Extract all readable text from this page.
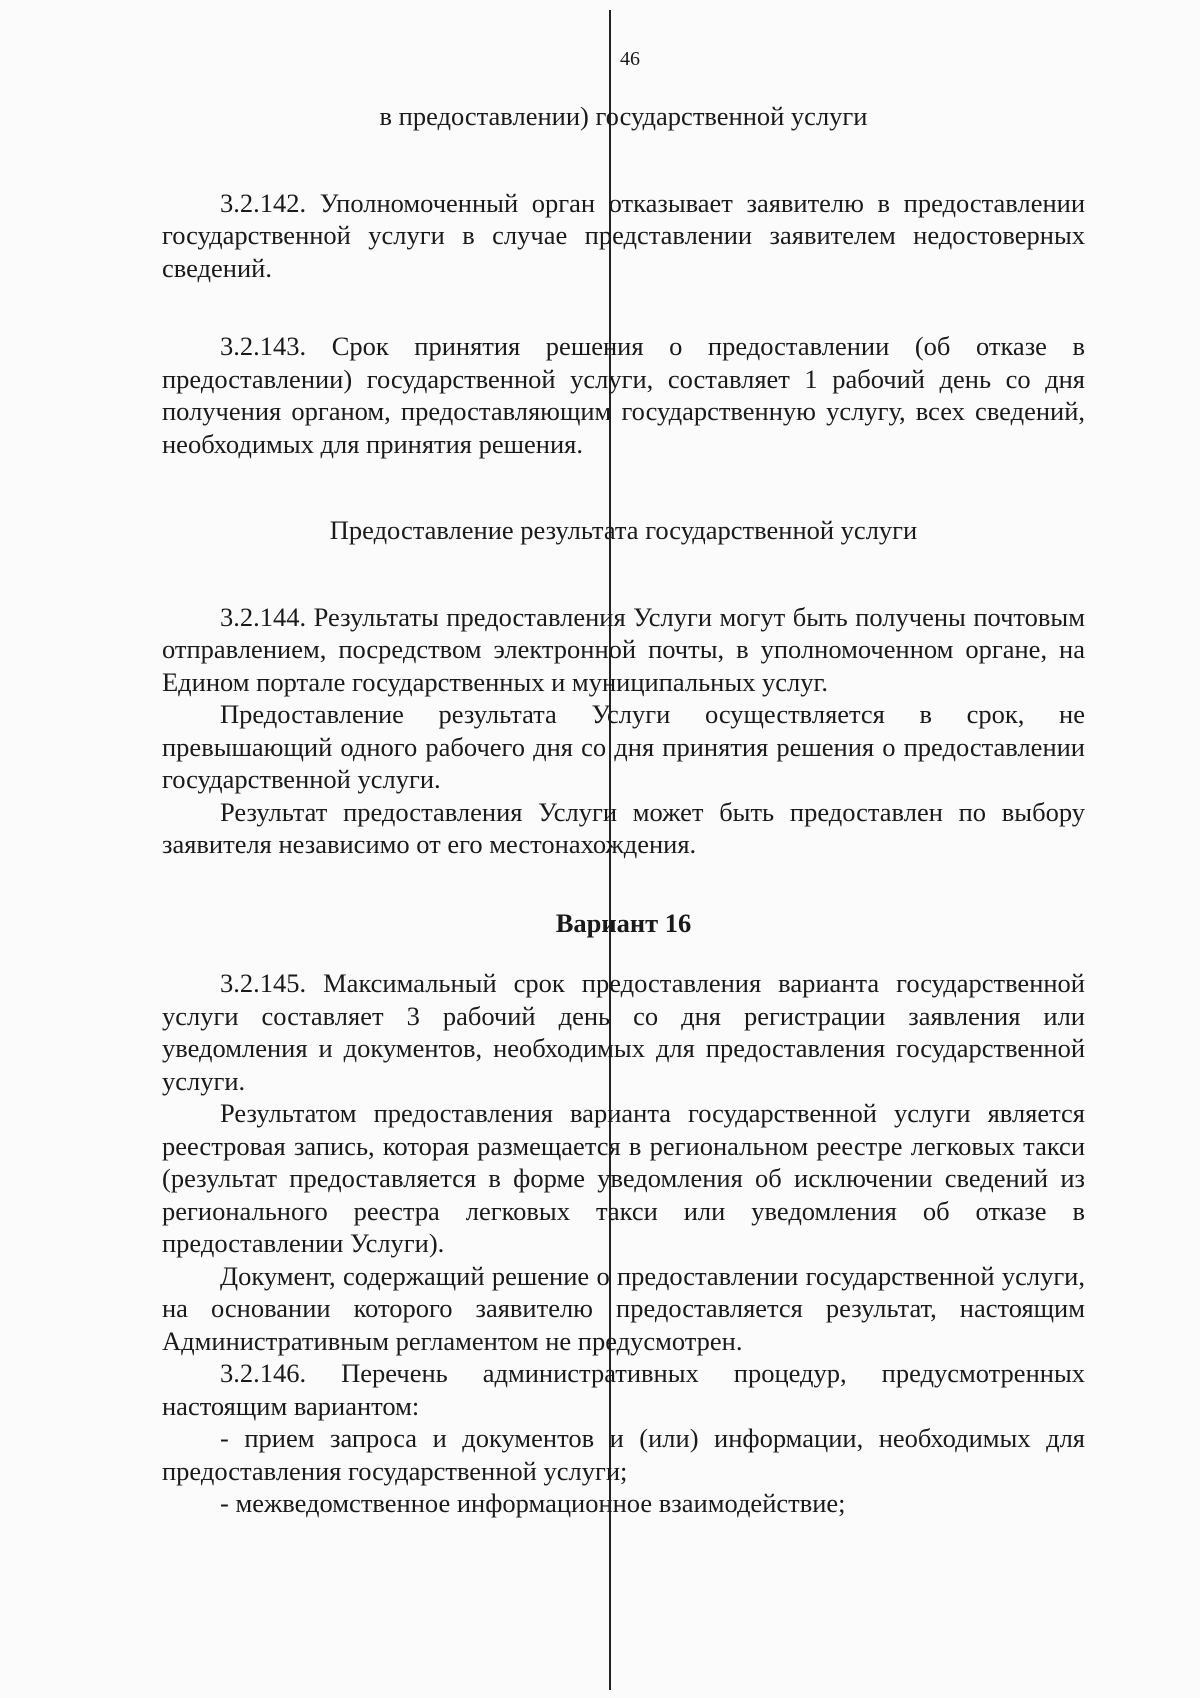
46

в предоставлении) государственной услуги

3.2.142. Уполномоченный орган отказывает заявителю в предоставлении государственной услуги в случае представлении заявителем недостоверных сведений.

3.2.143. Срок принятия решения о предоставлении (об отказе в предоставлении) государственной услуги, составляет 1 рабочий день со дня получения органом, предоставляющим государственную услугу, всех сведений, необходимых для принятия решения.

Предоставление результата государственной услуги

3.2.144. Результаты предоставления Услуги могут быть получены почтовым отправлением, посредством электронной почты, в уполномоченном органе, на Едином портале государственных и муниципальных услуг.

Предоставление результата Услуги осуществляется в срок, не превышающий одного рабочего дня со дня принятия решения о предоставлении государственной услуги.

Результат предоставления Услуги может быть предоставлен по выбору заявителя независимо от его местонахождения.

Вариант 16

3.2.145. Максимальный срок предоставления варианта государственной услуги составляет 3 рабочий день со дня регистрации заявления или уведомления и документов, необходимых для предоставления государственной услуги.

Результатом предоставления варианта государственной услуги является реестровая запись, которая размещается в региональном реестре легковых такси (результат предоставляется в форме уведомления об исключении сведений из регионального реестра легковых такси или уведомления об отказе в предоставлении Услуги).

Документ, содержащий решение о предоставлении государственной услуги, на основании которого заявителю предоставляется результат, настоящим Административным регламентом не предусмотрен.

3.2.146. Перечень административных процедур, предусмотренных настоящим вариантом:

- прием запроса и документов и (или) информации, необходимых для предоставления государственной услуги;

- межведомственное информационное взаимодействие;
